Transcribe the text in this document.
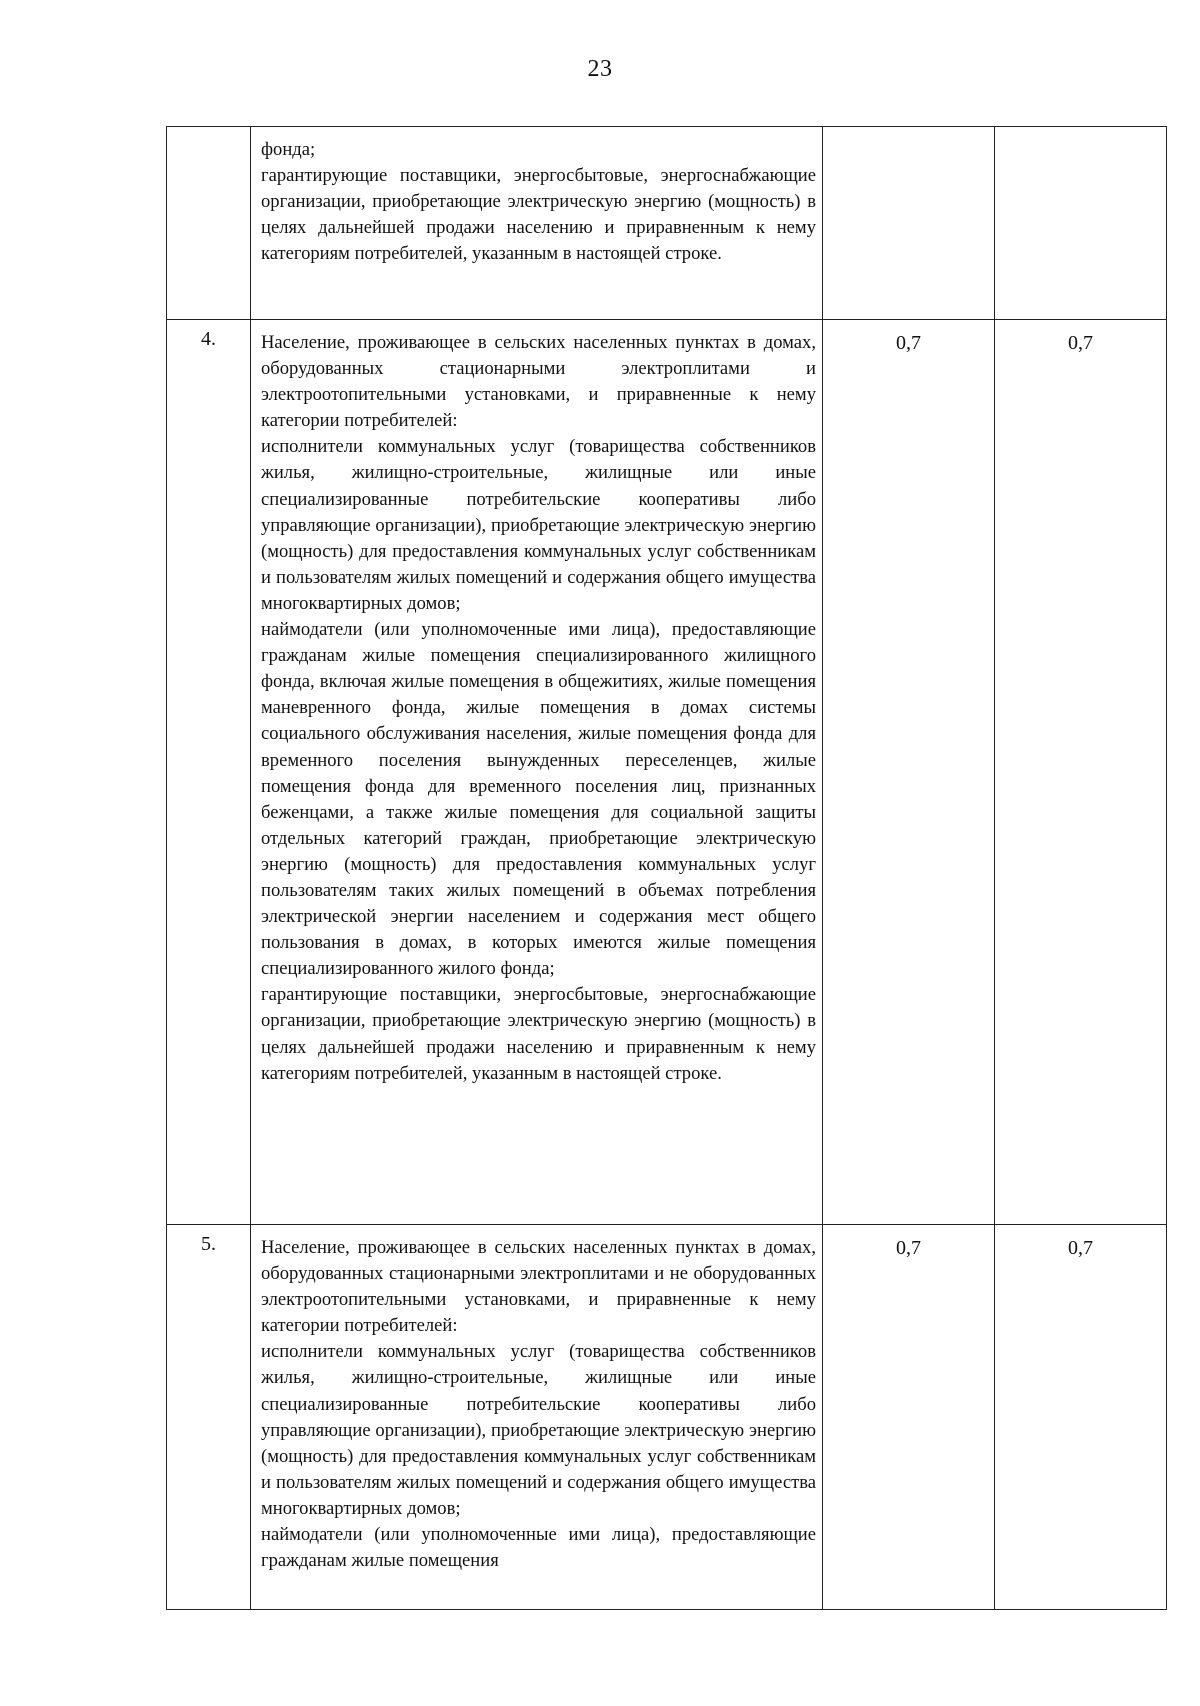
23

	фонда;
гарантирующие поставщики, энергосбытовые, энергоснабжающие организации, приобретающие электрическую энергию (мощность) в целях дальнейшей продажи населению и приравненным к нему категориям потребителей, указанным в настоящей строке.		

4.	Население, проживающее в сельских населенных пунктах в домах, оборудованных стационарными электроплитами и электроотопительными установками, и приравненные к нему категории потребителей:
исполнители коммунальных услуг (товарищества собственников жилья, жилищно-строительные, жилищные или иные специализированные потребительские кооперативы либо управляющие организации), приобретающие электрическую энергию (мощность) для предоставления коммунальных услуг собственникам и пользователям жилых помещений и содержания общего имущества многоквартирных домов;
наймодатели (или уполномоченные ими лица), предоставляющие гражданам жилые помещения специализированного жилищного фонда, включая жилые помещения в общежитиях, жилые помещения маневренного фонда, жилые помещения в домах системы социального обслуживания населения, жилые помещения фонда для временного поселения вынужденных переселенцев, жилые помещения фонда для временного поселения лиц, признанных беженцами, а также жилые помещения для социальной защиты отдельных категорий граждан, приобретающие электрическую энергию (мощность) для предоставления коммунальных услуг пользователям таких жилых помещений в объемах потребления электрической энергии населением и содержания мест общего пользования в домах, в которых имеются жилые помещения специализированного жилого фонда;
гарантирующие поставщики, энергосбытовые, энергоснабжающие организации, приобретающие электрическую энергию (мощность) в целях дальнейшей продажи населению и приравненным к нему категориям потребителей, указанным в настоящей строке.	0,7	0,7
5.	Население, проживающее в сельских населенных пунктах в домах, оборудованных стационарными электроплитами и не оборудованных электроотопительными установками, и приравненные к нему категории потребителей:
исполнители коммунальных услуг (товарищества собственников жилья, жилищно-строительные, жилищные или иные специализированные потребительские кооперативы либо управляющие организации), приобретающие электрическую энергию (мощность) для предоставления коммунальных услуг собственникам и пользователям жилых помещений и содержания общего имущества многоквартирных домов;
наймодатели (или уполномоченные ими лица), предоставляющие гражданам жилые помещения	0,7	0,7
